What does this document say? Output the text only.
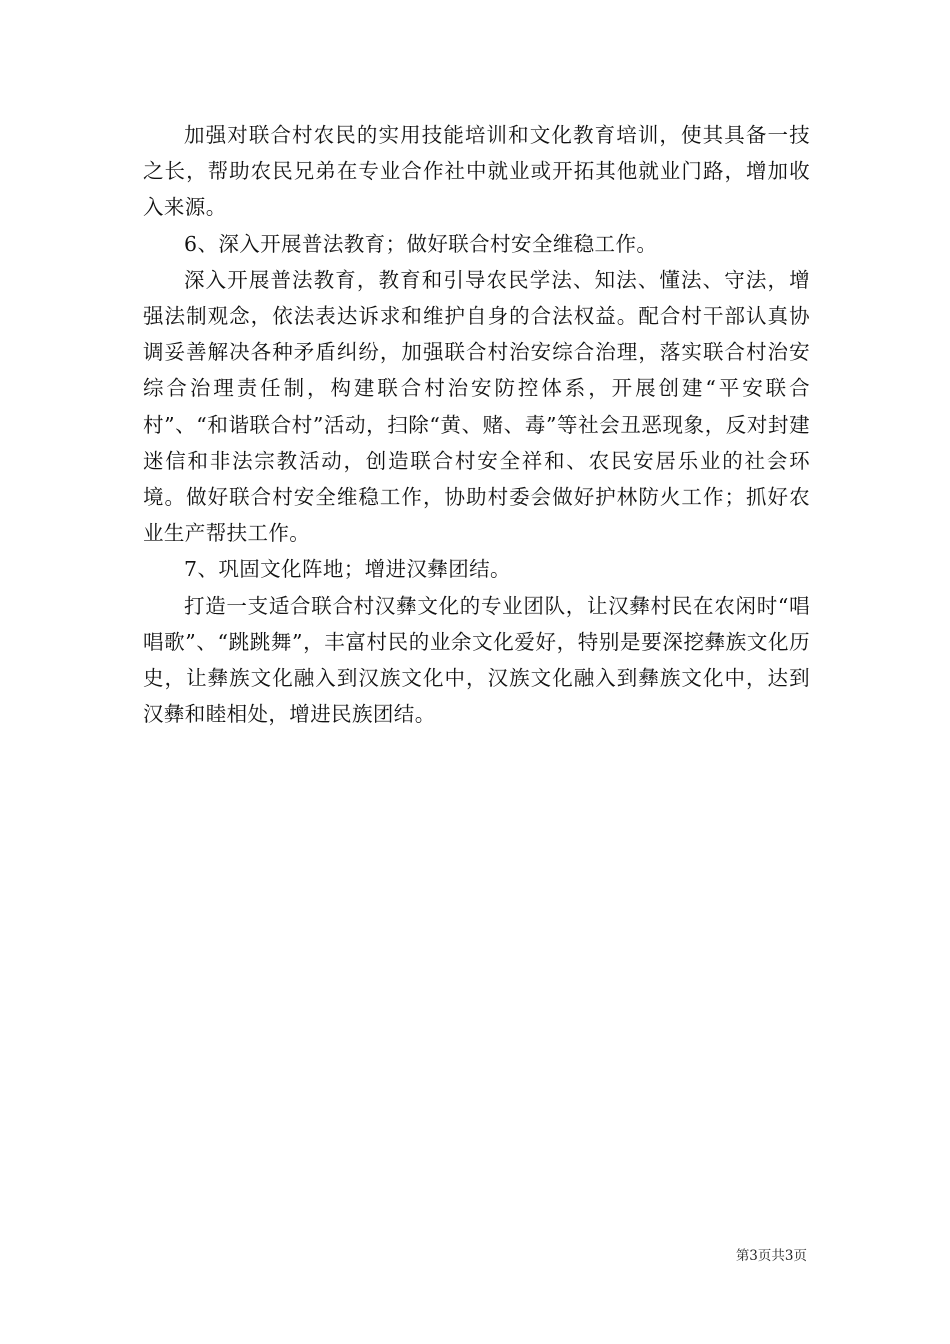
加强对联合村农民的实用技能培训和文化教育培训，使其具备一技之长，帮助农民兄弟在专业合作社中就业或开拓其他就业门路，增加收入来源。

6、深入开展普法教育；做好联合村安全维稳工作。

深入开展普法教育，教育和引导农民学法、知法、懂法、守法，增强法制观念，依法表达诉求和维护自身的合法权益。配合村干部认真协调妥善解决各种矛盾纠纷，加强联合村治安综合治理，落实联合村治安综合治理责任制，构建联合村治安防控体系，开展创建“平安联合村”、“和谐联合村”活动，扫除“黄、赌、毒”等社会丑恶现象，反对封建迷信和非法宗教活动，创造联合村安全祥和、农民安居乐业的社会环境。做好联合村安全维稳工作，协助村委会做好护林防火工作；抓好农业生产帮扶工作。

7、巩固文化阵地；增进汉彝团结。

打造一支适合联合村汉彝文化的专业团队，让汉彝村民在农闲时“唱唱歌”、“跳跳舞”，丰富村民的业余文化爱好，特别是要深挖彝族文化历史，让彝族文化融入到汉族文化中，汉族文化融入到彝族文化中，达到汉彝和睦相处，增进民族团结。

第3页共3页
